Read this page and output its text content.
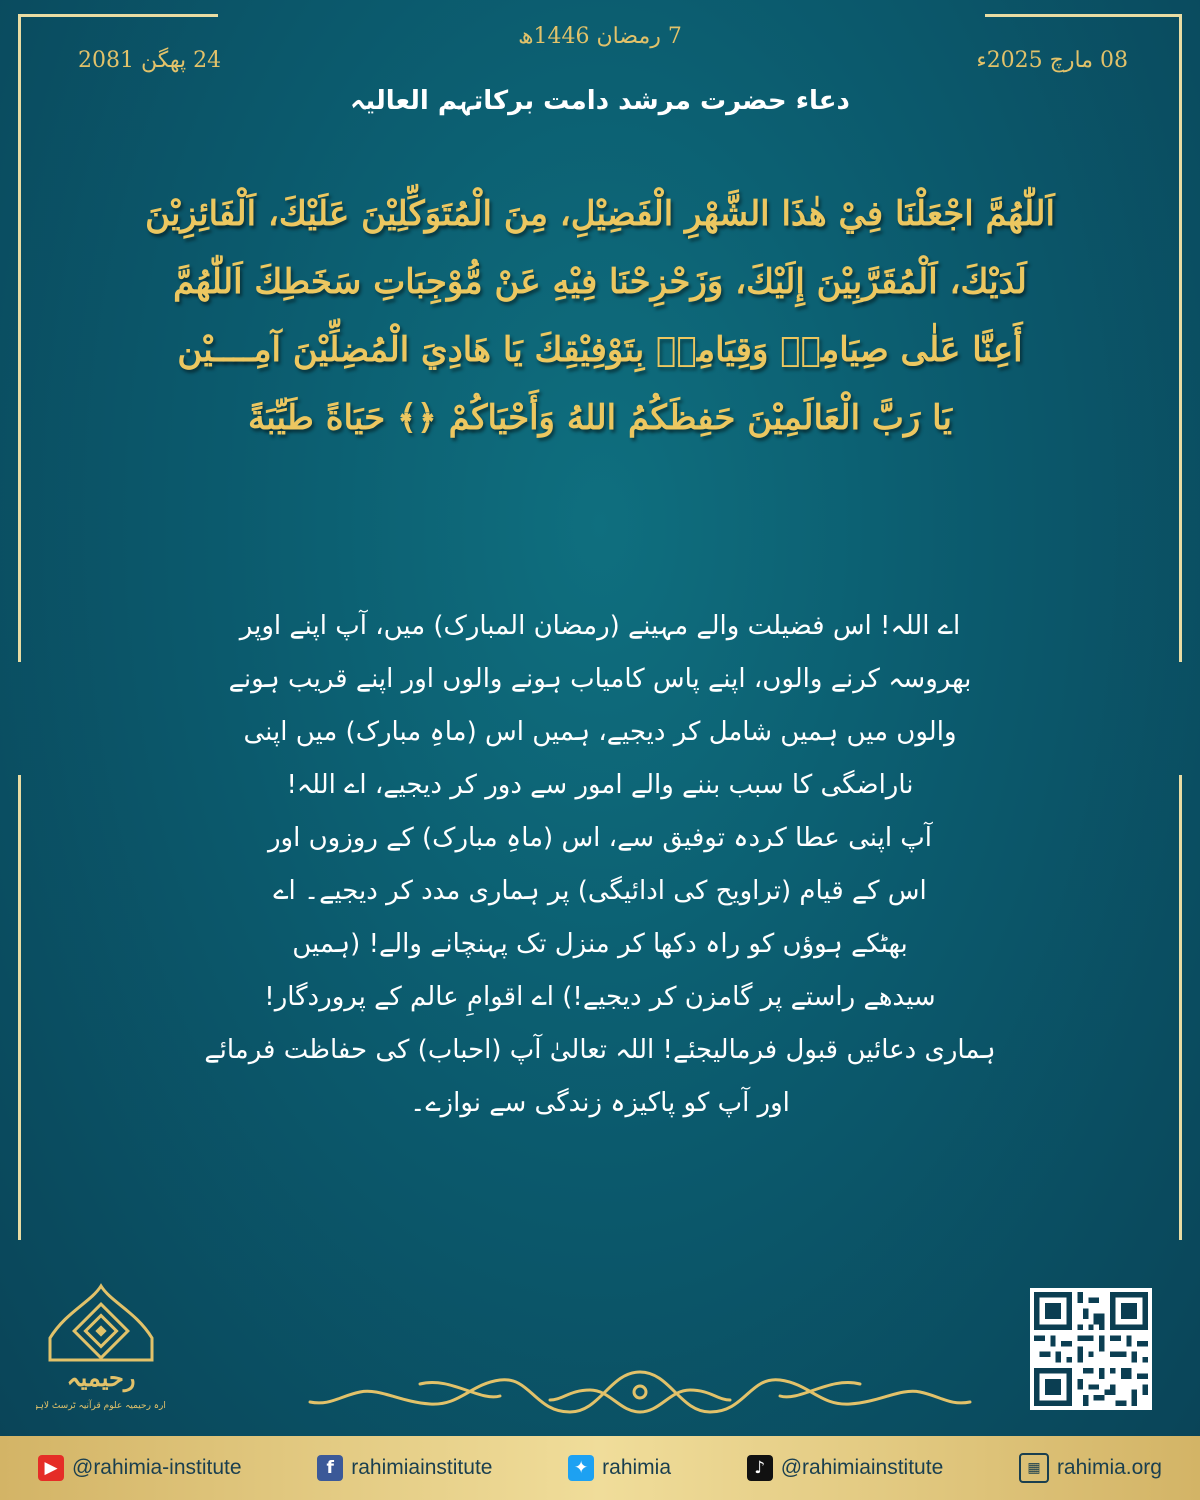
24 پھگن 2081
7 رمضان 1446ھ
08 مارچ 2025ء
دعاء حضرت مرشد دامت برکاتہم العالیہ
اَللّٰهُمَّ اجْعَلْنَا فِيْ هٰذَا الشَّهْرِ الْفَضِيْلِ، مِنَ الْمُتَوَكِّلِيْنَ عَلَيْكَ، اَلْفَائِزِيْنَ
لَدَيْكَ، اَلْمُقَرَّبِيْنَ إِلَيْكَ، وَزَحْزِحْنَا فِيْهِ عَنْ مُّوْجِبَاتِ سَخَطِكَ اَللّٰهُمَّ
أَعِنَّا عَلٰى صِيَامِهٖ وَقِيَامِهٖ بِتَوْفِيْقِكَ يَا هَادِيَ الْمُضِلِّيْنَ آمِــــيْن
يَا رَبَّ الْعَالَمِيْنَ حَفِظَكُمُ اللهُ وَأَحْيَاكُمْ ﴿﴾ حَيَاةً طَيِّبَةً
اے اللہ! اس فضیلت والے مہینے (رمضان المبارک) میں، آپ اپنے اوپر
بھروسہ کرنے والوں، اپنے پاس کامیاب ہونے والوں اور اپنے قریب ہونے
والوں میں ہمیں شامل کر دیجیے، ہمیں اس (ماہِ مبارک) میں اپنی
ناراضگی کا سبب بننے والے امور سے دور کر دیجیے، اے اللہ!
آپ اپنی عطا کردہ توفیق سے، اس (ماہِ مبارک) کے روزوں اور
اس کے قیام (تراویح کی ادائیگی) پر ہماری مدد کر دیجیے۔ اے
بھٹکے ہوؤں کو راہ دکھا کر منزل تک پہنچانے والے! (ہمیں
سیدھے راستے پر گامزن کر دیجیے!) اے اقوامِ عالم کے پروردگار!
ہماری دعائیں قبول فرمالیجئے! اللہ تعالیٰ آپ (احباب) کی حفاظت فرمائے
اور آپ کو پاکیزہ زندگی سے نوازے۔
رحیمیہ
ادارہ رحیمیہ علوم قرآنیہ ٹرسٹ لاہور
▶ @rahimia-institute	f rahimiainstitute	✦ rahimia	♪ @rahimiainstitute	▦ rahimia.org
